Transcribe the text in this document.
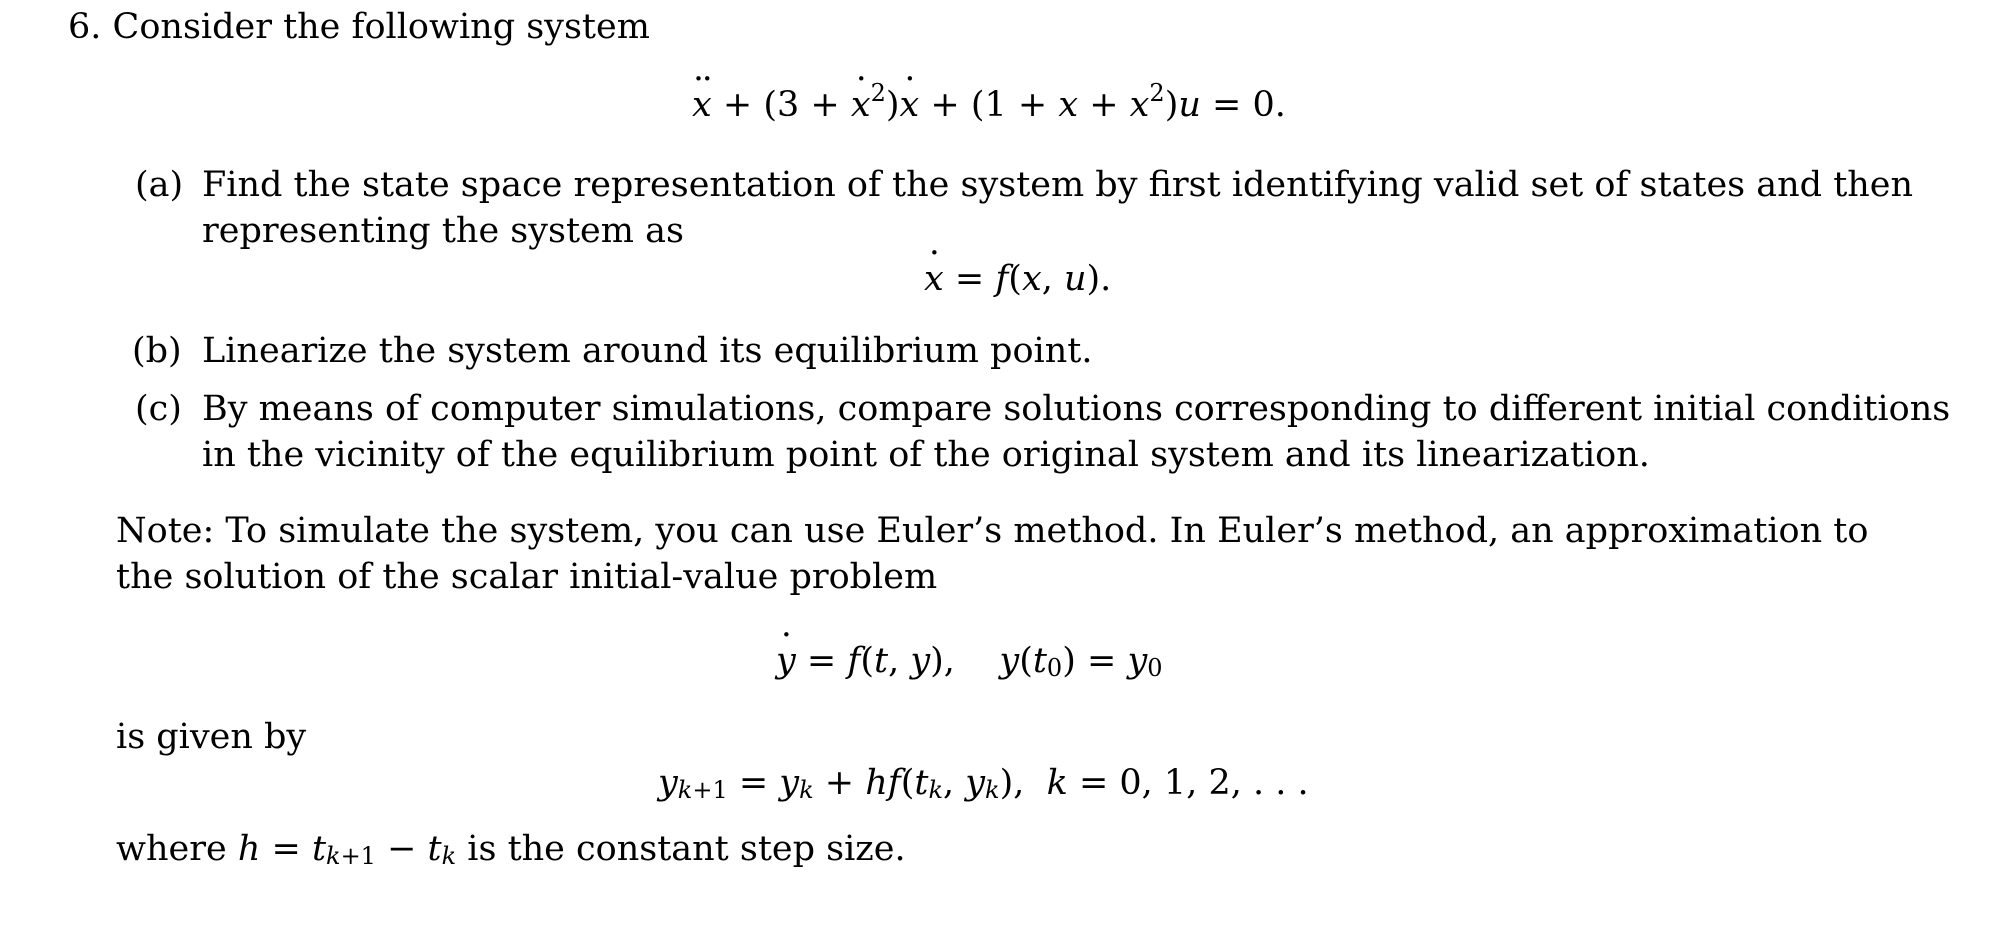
6. Consider the following system
x ·· + (3 + x ·$^2$)x · + $(1 + x + x^2)u = 0$.
(a) Find the state space representation of the system by first identifying valid set of states and then
representing the system as
x · = f(x, u).
(b) Linearize the system around its equilibrium point.
(c) By means of computer simulations, compare solutions corresponding to different initial conditions
in the vicinity of the equilibrium point of the original system and its linearization.
Note: To simulate the system, you can use Euler’s method. In Euler’s method, an approximation to
the solution of the scalar initial-value problem
y · = f(t, y),    $y(t_0) = y_0$
is given by
$y_{k+1} = y_k + hf(t_k$, $y_k$),  k = 0, 1, 2, . . .
where $h = t_{k+1} - t_k$ is the constant step size.
